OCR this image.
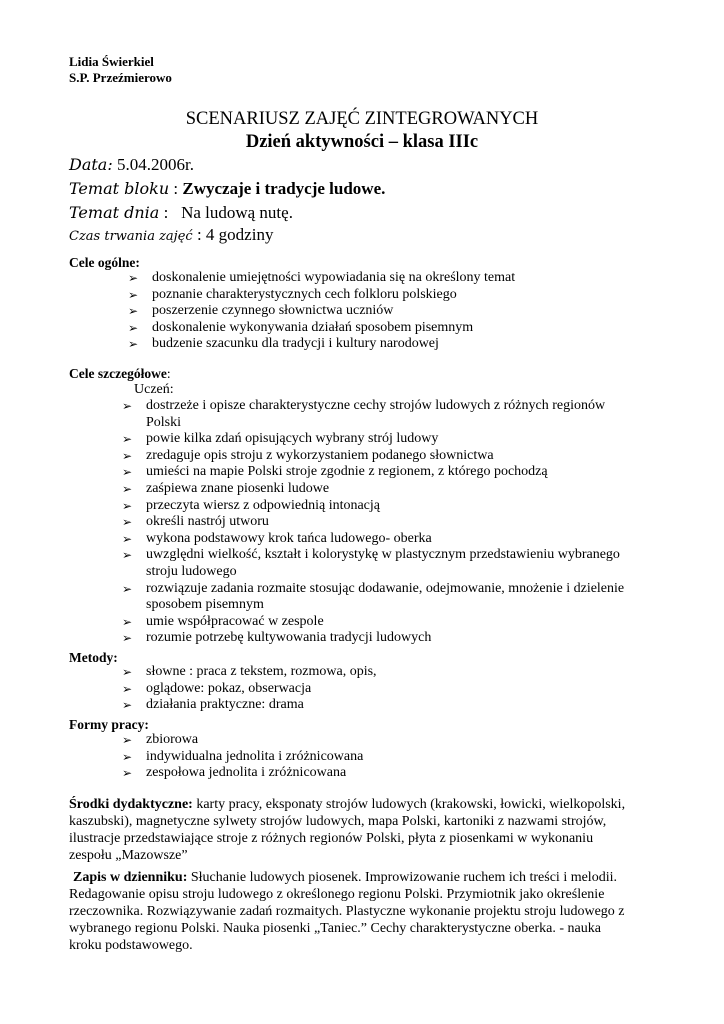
Lidia Świerkiel
S.P. Przeźmierowo
SCENARIUSZ ZAJĘĆ ZINTEGROWANYCH
Dzień aktywności – klasa IIIc
Data: 5.04.2006r.
Temat bloku : Zwyczaje i tradycje ludowe.
Temat dnia :   Na ludową nutę.
Czas trwania zajęć : 4 godziny
Cele ogólne:
➢ doskonalenie umiejętności wypowiadania się na określony temat
➢ poznanie charakterystycznych cech folkloru polskiego
➢ poszerzenie czynnego słownictwa uczniów
➢ doskonalenie wykonywania działań sposobem pisemnym
➢ budzenie szacunku dla tradycji i kultury narodowej
Cele szczegółowe:
Uczeń:
➢ dostrzeże i opisze charakterystyczne cechy strojów ludowych z różnych regionów
Polski
➢ powie kilka zdań opisujących wybrany strój ludowy
➢ zredaguje opis stroju z wykorzystaniem podanego słownictwa
➢ umieści na mapie Polski stroje zgodnie z regionem, z którego pochodzą
➢ zaśpiewa znane piosenki ludowe
➢ przeczyta wiersz z odpowiednią intonacją
➢ określi nastrój utworu
➢ wykona podstawowy krok tańca ludowego- oberka
➢ uwzględni wielkość, kształt i kolorystykę w plastycznym przedstawieniu wybranego
stroju ludowego
➢ rozwiązuje zadania rozmaite stosując dodawanie, odejmowanie, mnożenie i dzielenie
sposobem pisemnym
➢ umie współpracować w zespole
➢ rozumie potrzebę kultywowania tradycji ludowych
Metody:
➢ słowne : praca z tekstem, rozmowa, opis,
➢ oglądowe: pokaz, obserwacja
➢ działania praktyczne: drama
Formy pracy:
➢ zbiorowa
➢ indywidualna jednolita i zróżnicowana
➢ zespołowa jednolita i zróżnicowana
Środki dydaktyczne: karty pracy, eksponaty strojów ludowych (krakowski, łowicki, wielkopolski,
kaszubski), magnetyczne sylwety strojów ludowych, mapa Polski, kartoniki z nazwami strojów,
ilustracje przedstawiające stroje z różnych regionów Polski, płyta z piosenkami w wykonaniu
zespołu „Mazowsze”
Zapis w dzienniku: Słuchanie ludowych piosenek. Improwizowanie ruchem ich treści i melodii.
Redagowanie opisu stroju ludowego z określonego regionu Polski. Przymiotnik jako określenie
rzeczownika. Rozwiązywanie zadań rozmaitych. Plastyczne wykonanie projektu stroju ludowego z
wybranego regionu Polski. Nauka piosenki „Taniec.” Cechy charakterystyczne oberka. - nauka
kroku podstawowego.
